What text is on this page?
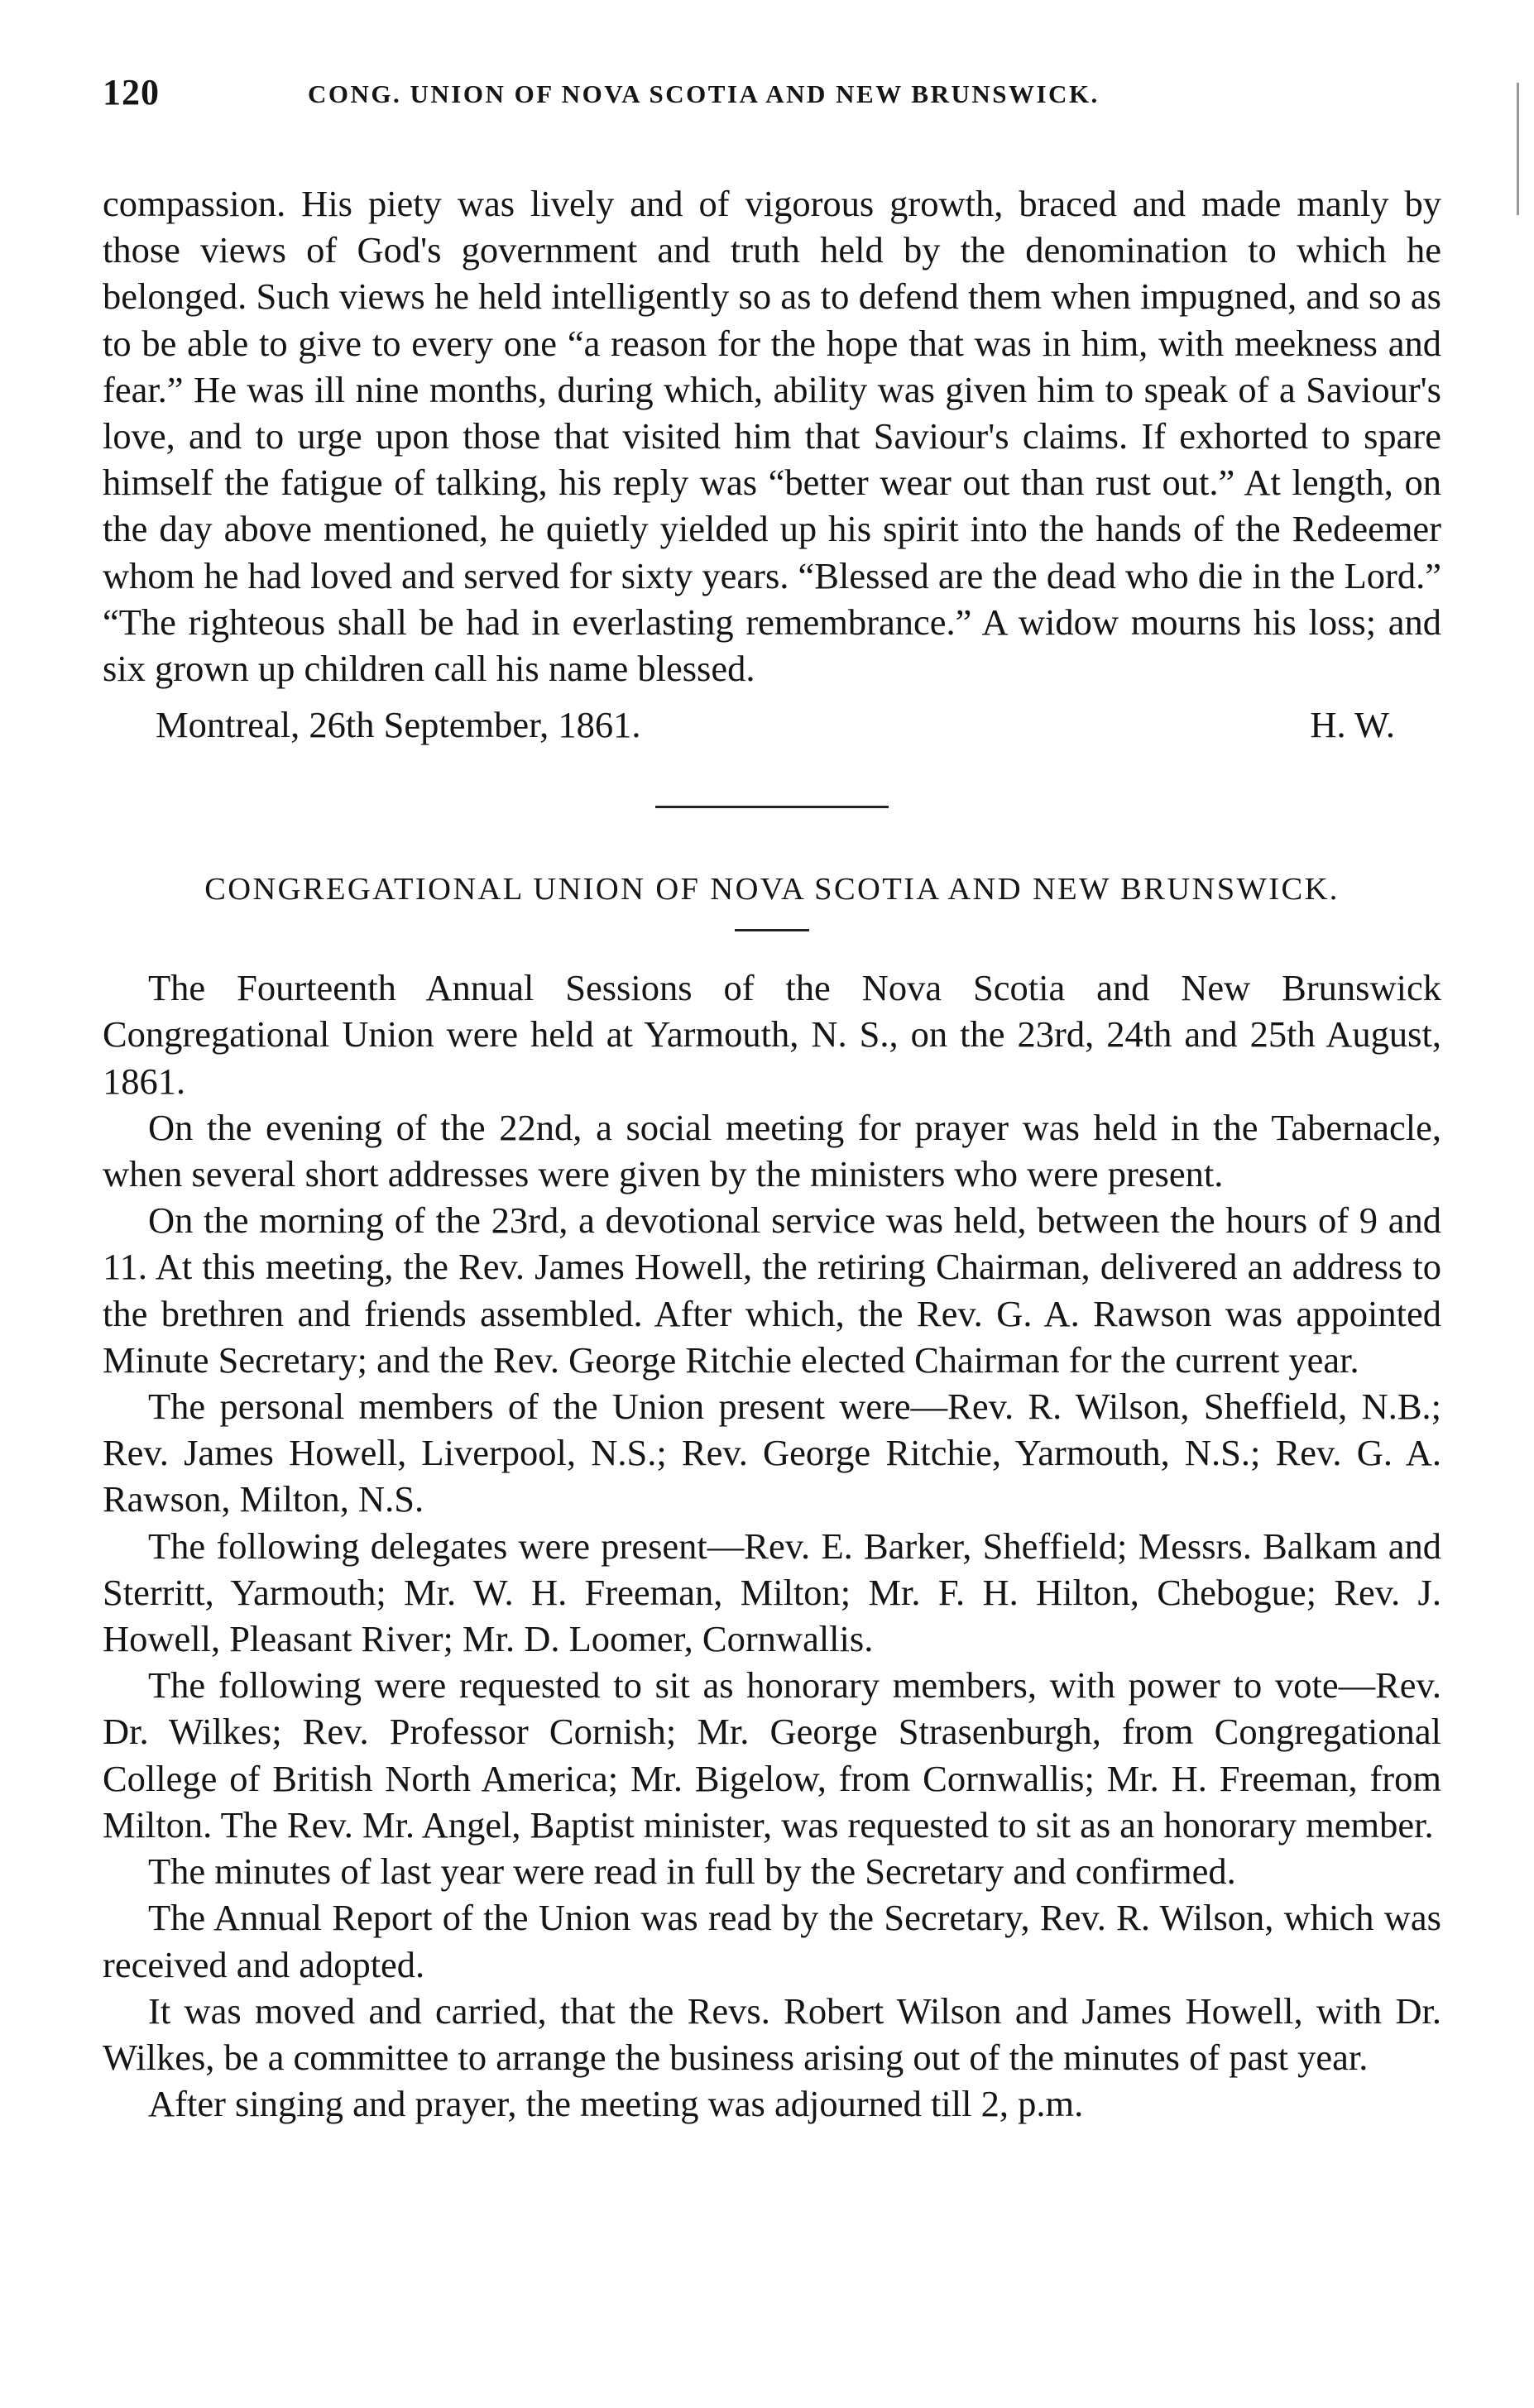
120	CONG. UNION OF NOVA SCOTIA AND NEW BRUNSWICK.

compassion. His piety was lively and of vigorous growth, braced and made manly by those views of God's government and truth held by the denomination to which he belonged. Such views he held intelligently so as to defend them when impugned, and so as to be able to give to every one “a reason for the hope that was in him, with meekness and fear.” He was ill nine months, during which, ability was given him to speak of a Saviour's love, and to urge upon those that visited him that Saviour's claims. If exhorted to spare himself the fatigue of talking, his reply was “better wear out than rust out.” At length, on the day above mentioned, he quietly yielded up his spirit into the hands of the Redeemer whom he had loved and served for sixty years. “Blessed are the dead who die in the Lord.” “The righteous shall be had in everlasting remembrance.” A widow mourns his loss; and six grown up children call his name blessed.

Montreal, 26th September, 1861.	H. W.
CONGREGATIONAL UNION OF NOVA SCOTIA AND NEW BRUNSWICK.

The Fourteenth Annual Sessions of the Nova Scotia and New Brunswick Congregational Union were held at Yarmouth, N. S., on the 23rd, 24th and 25th August, 1861.

On the evening of the 22nd, a social meeting for prayer was held in the Tabernacle, when several short addresses were given by the ministers who were present.

On the morning of the 23rd, a devotional service was held, between the hours of 9 and 11. At this meeting, the Rev. James Howell, the retiring Chairman, delivered an address to the brethren and friends assembled. After which, the Rev. G. A. Rawson was appointed Minute Secretary; and the Rev. George Ritchie elected Chairman for the current year.

The personal members of the Union present were—Rev. R. Wilson, Sheffield, N.B.; Rev. James Howell, Liverpool, N.S.; Rev. George Ritchie, Yarmouth, N.S.; Rev. G. A. Rawson, Milton, N.S.

The following delegates were present—Rev. E. Barker, Sheffield; Messrs. Balkam and Sterritt, Yarmouth; Mr. W. H. Freeman, Milton; Mr. F. H. Hilton, Chebogue; Rev. J. Howell, Pleasant River; Mr. D. Loomer, Cornwallis.

The following were requested to sit as honorary members, with power to vote—Rev. Dr. Wilkes; Rev. Professor Cornish; Mr. George Strasenburgh, from Congregational College of British North America; Mr. Bigelow, from Cornwallis; Mr. H. Freeman, from Milton. The Rev. Mr. Angel, Baptist minister, was requested to sit as an honorary member.

The minutes of last year were read in full by the Secretary and confirmed.

The Annual Report of the Union was read by the Secretary, Rev. R. Wilson, which was received and adopted.

It was moved and carried, that the Revs. Robert Wilson and James Howell, with Dr. Wilkes, be a committee to arrange the business arising out of the minutes of past year.

After singing and prayer, the meeting was adjourned till 2, p.m.
